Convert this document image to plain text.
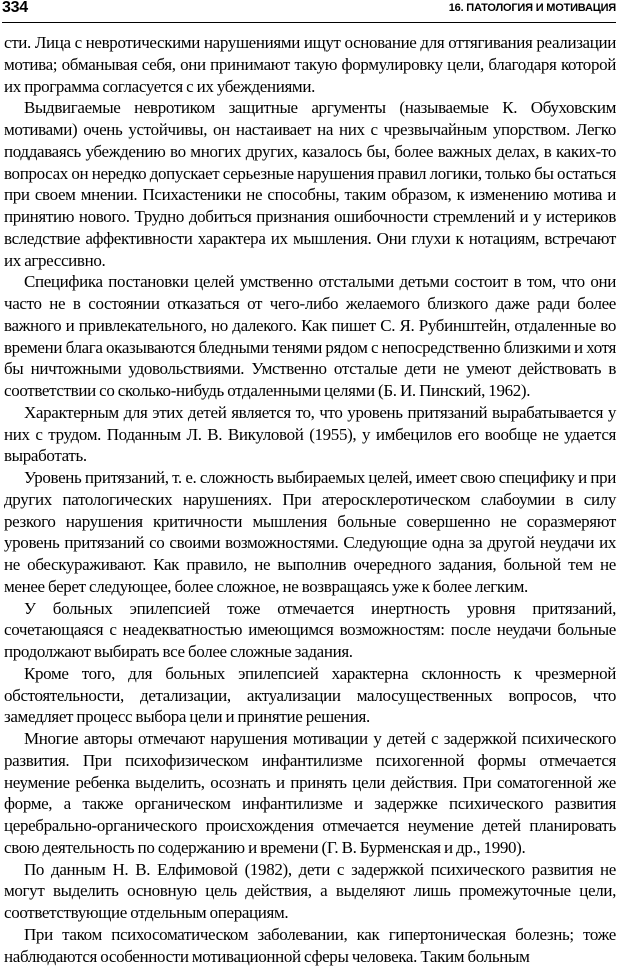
334	16. ПАТОЛОГИЯ И МОТИВАЦИЯ

сти. Лица с невротическими нарушениями ищут основание для оттягивания реализации мотива; обманывая себя, они принимают такую формулировку цели, благодаря которой их программа согласуется с их убеждениями.

Выдвигаемые невротиком защитные аргументы (называемые К. Обуховским мотивами) очень устойчивы, он настаивает на них с чрезвычайным упорством. Легко поддаваясь убеждению во многих других, казалось бы, более важных делах, в каких-то вопросах он нередко допускает серьезные нарушения правил логики, только бы остаться при своем мнении. Психастеники не способны, таким образом, к изменению мотива и принятию нового. Трудно добиться признания ошибочности стремлений и у истериков вследствие аффективности характера их мышления. Они глухи к нотациям, встречают их агрессивно.

Специфика постановки целей умственно отсталыми детьми состоит в том, что они часто не в состоянии отказаться от чего-либо желаемого близкого даже ради более важного и привлекательного, но далекого. Как пишет С. Я. Рубинштейн, отдаленные во времени блага оказываются бледными тенями рядом с непосредственно близкими и хотя бы ничтожными удовольствиями. Умственно отсталые дети не умеют действовать в соответствии со сколько-нибудь отдаленными целями (Б. И. Пинский, 1962).

Характерным для этих детей является то, что уровень притязаний вырабатывается у них с трудом. Поданным Л. В. Викуловой (1955), у имбецилов его вообще не удается выработать.

Уровень притязаний, т. е. сложность выбираемых целей, имеет свою специфику и при других патологических нарушениях. При атеросклеротическом слабоумии в силу резкого нарушения критичности мышления больные совершенно не соразмеряют уровень притязаний со своими возможностями. Следующие одна за другой неудачи их не обескураживают. Как правило, не выполнив очередного задания, больной тем не менее берет следующее, более сложное, не возвращаясь уже к более легким.

У больных эпилепсией тоже отмечается инертность уровня притязаний, сочетающаяся с неадекватностью имеющимся возможностям: после неудачи больные продолжают выбирать все более сложные задания.

Кроме того, для больных эпилепсией характерна склонность к чрезмерной обстоятельности, детализации, актуализации малосущественных вопросов, что замедляет процесс выбора цели и принятие решения.

Многие авторы отмечают нарушения мотивации у детей с задержкой психического развития. При психофизическом инфантилизме психогенной формы отмечается неумение ребенка выделить, осознать и принять цели действия. При соматогенной же форме, а также органическом инфантилизме и задержке психического развития церебрально-органического происхождения отмечается неумение детей планировать свою деятельность по содержанию и времени (Г. В. Бурменская и др., 1990).

По данным Н. В. Елфимовой (1982), дети с задержкой психического развития не могут выделить основную цель действия, а выделяют лишь промежуточные цели, соответствующие отдельным операциям.

При таком психосоматическом заболевании, как гипертоническая болезнь; тоже наблюдаются особенности мотивационной сферы человека. Таким больным
